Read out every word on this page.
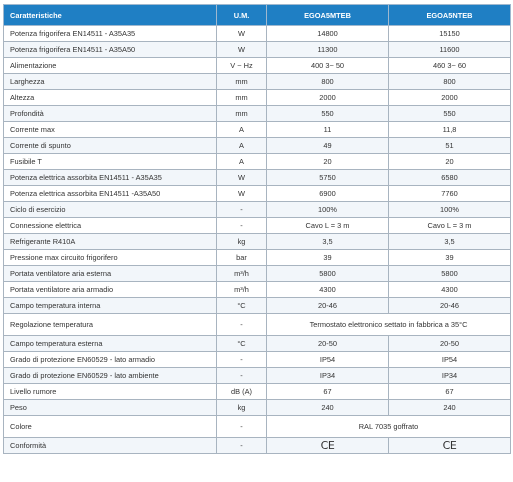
Caratteristiche	U.M.	EGOA5MTEB	EGOA5NTEB
Potenza frigorifera EN14511 - A35A35	W	14800	15150
Potenza frigorifera EN14511 - A35A50	W	11300	11600
Alimentazione	V ~ Hz	400 3~ 50	460 3~ 60
Larghezza	mm	800	800
Altezza	mm	2000	2000
Profondità	mm	550	550
Corrente max	A	11	11,8
Corrente di spunto	A	49	51
Fusibile T	A	20	20
Potenza elettrica assorbita EN14511 - A35A35	W	5750	6580
Potenza elettrica assorbita EN14511 -A35A50	W	6900	7760
Ciclo di esercizio	-	100%	100%
Connessione elettrica	-	Cavo L = 3 m	Cavo L = 3 m
Refrigerante R410A	kg	3,5	3,5
Pressione max circuito frigorifero	bar	39	39
Portata ventilatore aria esterna	m³/h	5800	5800
Portata ventilatore aria armadio	m³/h	4300	4300
Campo temperatura interna	°C	20-46	20-46
Regolazione temperatura	-	Termostato elettronico settato in fabbrica a 35°C	
Campo temperatura esterna	°C	20-50	20-50
Grado di protezione EN60529 - lato armadio	-	IP54	IP54
Grado di protezione EN60529 - lato ambiente	-	IP34	IP34
Livello rumore	dB (A)	67	67
Peso	kg	240	240
Colore	-	RAL 7035 goffrato	
Conformità	-	CE	CE
